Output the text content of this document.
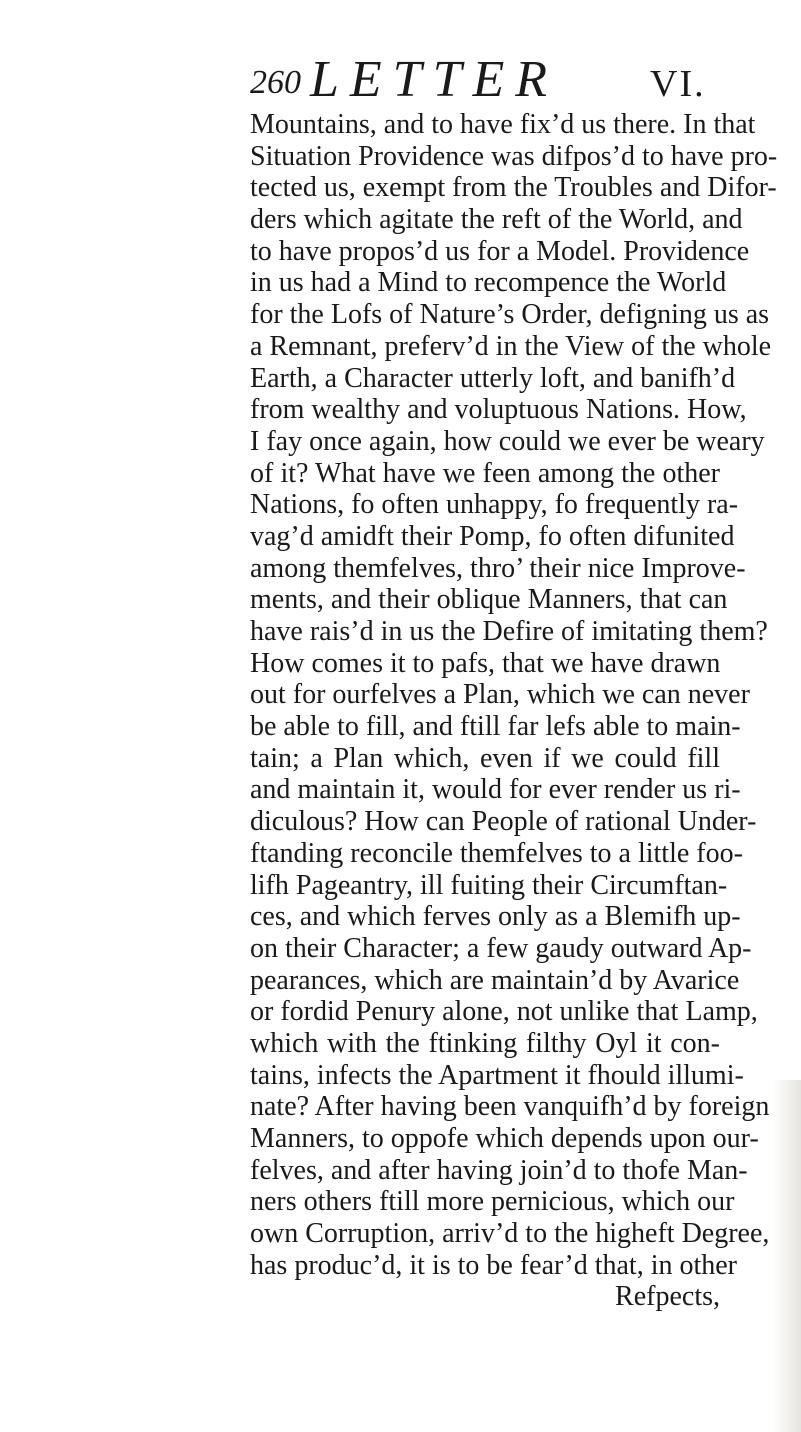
260 LETTER VI.
Mountains, and to have fix’d us there. In that
Situation Providence was difpos’d to have pro-
tected us, exempt from the Troubles and Difor-
ders which agitate the reft of the World, and
to have propos’d us for a Model. Providence
in us had a Mind to recompence the World
for the Lofs of Nature’s Order, defigning us as
a Remnant, preferv’d in the View of the whole
Earth, a Character utterly loft, and banifh’d
from wealthy and voluptuous Nations. How,
I fay once again, how could we ever be weary
of it? What have we feen among the other
Nations, fo often unhappy, fo frequently ra-
vag’d amidft their Pomp, fo often difunited
among themfelves, thro’ their nice Improve-
ments, and their oblique Manners, that can
have rais’d in us the Defire of imitating them?
How comes it to pafs, that we have drawn
out for ourfelves a Plan, which we can never
be able to fill, and ftill far lefs able to main-
tain; a Plan which, even if we could fill
and maintain it, would for ever render us ri-
diculous? How can People of rational Under-
ftanding reconcile themfelves to a little foo-
lifh Pageantry, ill fuiting their Circumftan-
ces, and which ferves only as a Blemifh up-
on their Character; a few gaudy outward Ap-
pearances, which are maintain’d by Avarice
or fordid Penury alone, not unlike that Lamp,
which with the ftinking filthy Oyl it con-
tains, infects the Apartment it fhould illumi-
nate? After having been vanquifh’d by foreign
Manners, to oppofe which depends upon our-
felves, and after having join’d to thofe Man-
ners others ftill more pernicious, which our
own Corruption, arriv’d to the higheft Degree,
has produc’d, it is to be fear’d that, in other
Refpects,
